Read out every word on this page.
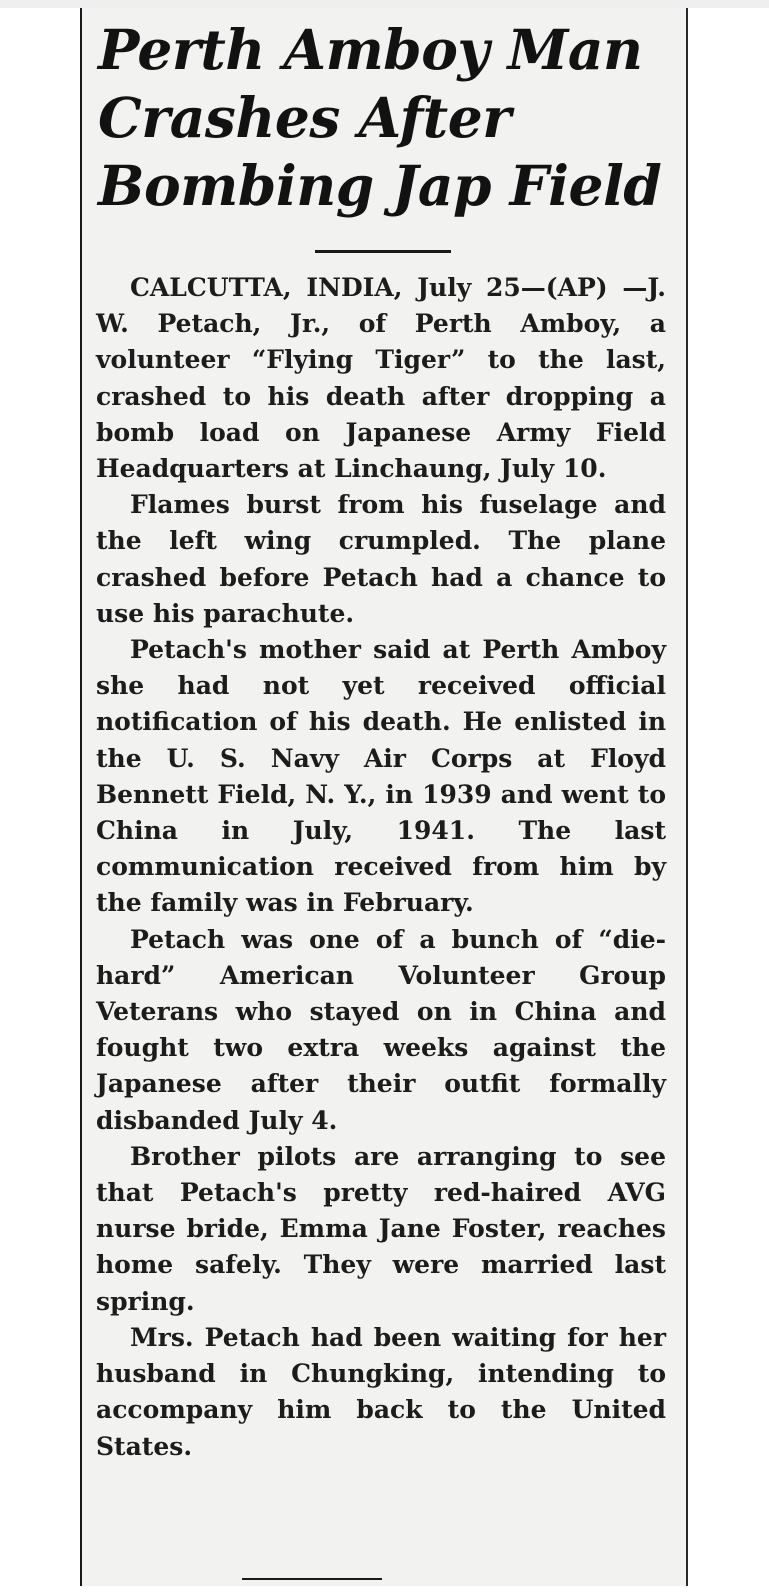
Perth Amboy Man
Crashes After
Bombing Jap Field

CALCUTTA, INDIA, July 25—(AP) —J. W. Petach, Jr., of Perth Amboy, a volunteer “Flying Tiger” to the last, crashed to his death after dropping a bomb load on Japanese Army Field Headquarters at Linchaung, July 10.

Flames burst from his fuselage and the left wing crumpled. The plane crashed before Petach had a chance to use his parachute.

Petach's mother said at Perth Amboy she had not yet received official notification of his death. He enlisted in the U. S. Navy Air Corps at Floyd Bennett Field, N. Y., in 1939 and went to China in July, 1941. The last communication received from him by the family was in February.

Petach was one of a bunch of “die-hard” American Volunteer Group Veterans who stayed on in China and fought two extra weeks against the Japanese after their outfit formally disbanded July 4.

Brother pilots are arranging to see that Petach's pretty red-haired AVG nurse bride, Emma Jane Foster, reaches home safely. They were married last spring.

Mrs. Petach had been waiting for her husband in Chungking, intending to accompany him back to the United States.
